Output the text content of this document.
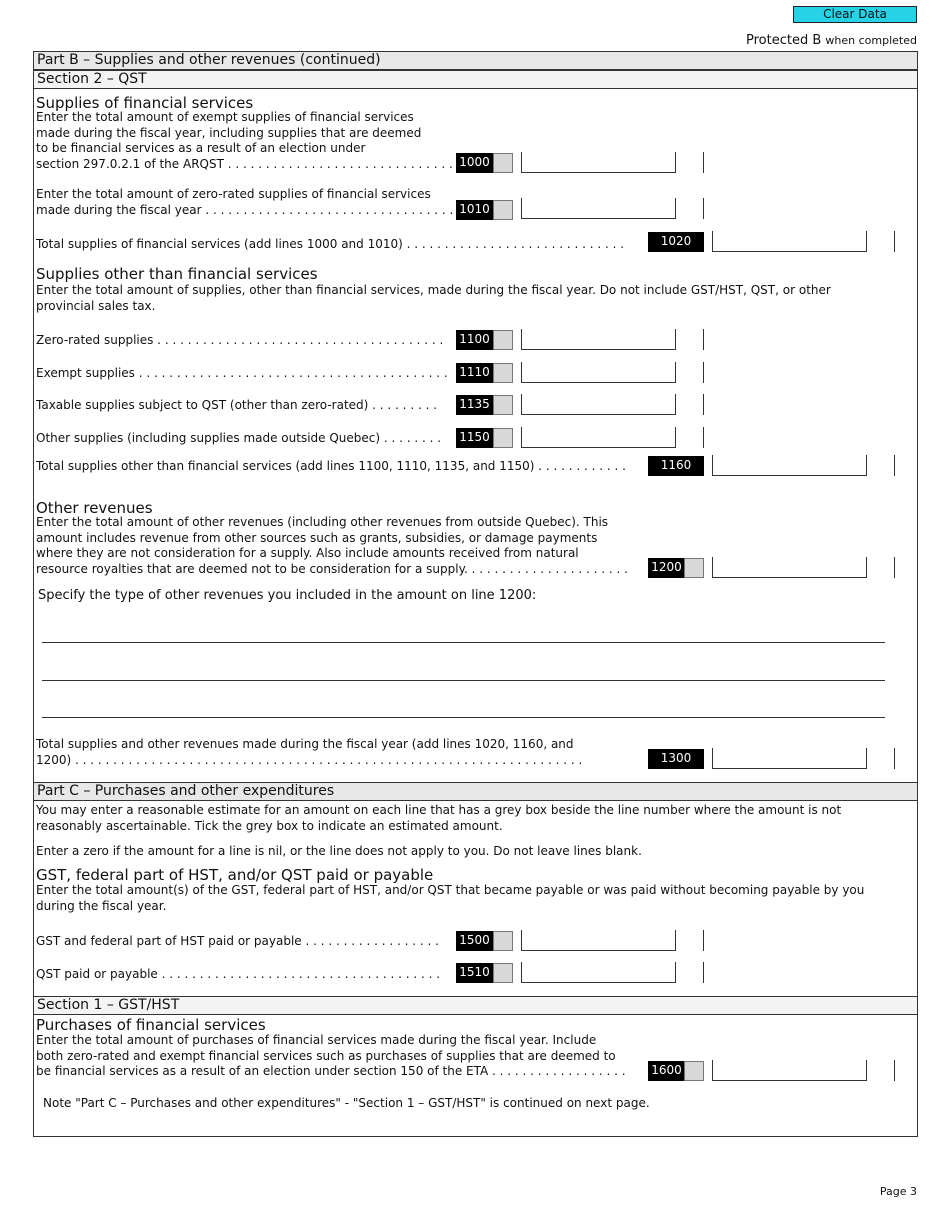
Clear Data
Protected B when completed
Part B – Supplies and other revenues (continued)
Section 2 – QST
Supplies of financial services
Enter the total amount of exempt supplies of financial services
made during the fiscal year, including supplies that are deemed
to be financial services as a result of an election under
section 297.0.2.1 of the ARQST . . . . . . . . . . . . . . . . . . . . . . . . . . . . . . 1000
Enter the total amount of zero-rated supplies of financial services
made during the fiscal year . . . . . . . . . . . . . . . . . . . . . . . . . . . . . . . . . 1010
Total supplies of financial services (add lines 1000 and 1010) . . . . . . . . . . . . . . . . . . . . . . . . . . . . .	1020
Supplies other than financial services
Enter the total amount of supplies, other than financial services, made during the fiscal year. Do not include GST/HST, QST, or other
provincial sales tax.
Zero-rated supplies . . . . . . . . . . . . . . . . . . . . . . . . . . . . . . . . . . . . . .	1100
Exempt supplies . . . . . . . . . . . . . . . . . . . . . . . . . . . . . . . . . . . . . . . . . 1110
Taxable supplies subject to QST (other than zero-rated) . . . . . . . . .	1135
Other supplies (including supplies made outside Quebec) . . . . . . . .	1150
Total supplies other than financial services (add lines 1100, 1110, 1135, and 1150) . . . . . . . . . . . .	1160
Other revenues
Enter the total amount of other revenues (including other revenues from outside Quebec). This
amount includes revenue from other sources such as grants, subsidies, or damage payments
where they are not consideration for a supply. Also include amounts received from natural
resource royalties that are deemed not to be consideration for a supply. . . . . . . . . . . . . . . . . . . . . .	1200
Specify the type of other revenues you included in the amount on line 1200:
Total supplies and other revenues made during the fiscal year (add lines 1020, 1160, and
1200) . . . . . . . . . . . . . . . . . . . . . . . . . . . . . . . . . . . . . . . . . . . . . . . . . . . . . . . . . . . . . . . . . . .	1300
Part C – Purchases and other expenditures
You may enter a reasonable estimate for an amount on each line that has a grey box beside the line number where the amount is not
reasonably ascertainable. Tick the grey box to indicate an estimated amount.
Enter a zero if the amount for a line is nil, or the line does not apply to you. Do not leave lines blank.
GST, federal part of HST, and/or QST paid or payable
Enter the total amount(s) of the GST, federal part of HST, and/or QST that became payable or was paid without becoming payable by you
during the fiscal year.
GST and federal part of HST paid or payable . . . . . . . . . . . . . . . . . .	1500
QST paid or payable . . . . . . . . . . . . . . . . . . . . . . . . . . . . . . . . . . . . .	1510
Section 1 – GST/HST
Purchases of financial services
Enter the total amount of purchases of financial services made during the fiscal year. Include
both zero-rated and exempt financial services such as purchases of supplies that are deemed to
be financial services as a result of an election under section 150 of the ETA . . . . . . . . . . . . . . . . . .	1600
Note "Part C – Purchases and other expenditures" - "Section 1 – GST/HST" is continued on next page.
Page 3
